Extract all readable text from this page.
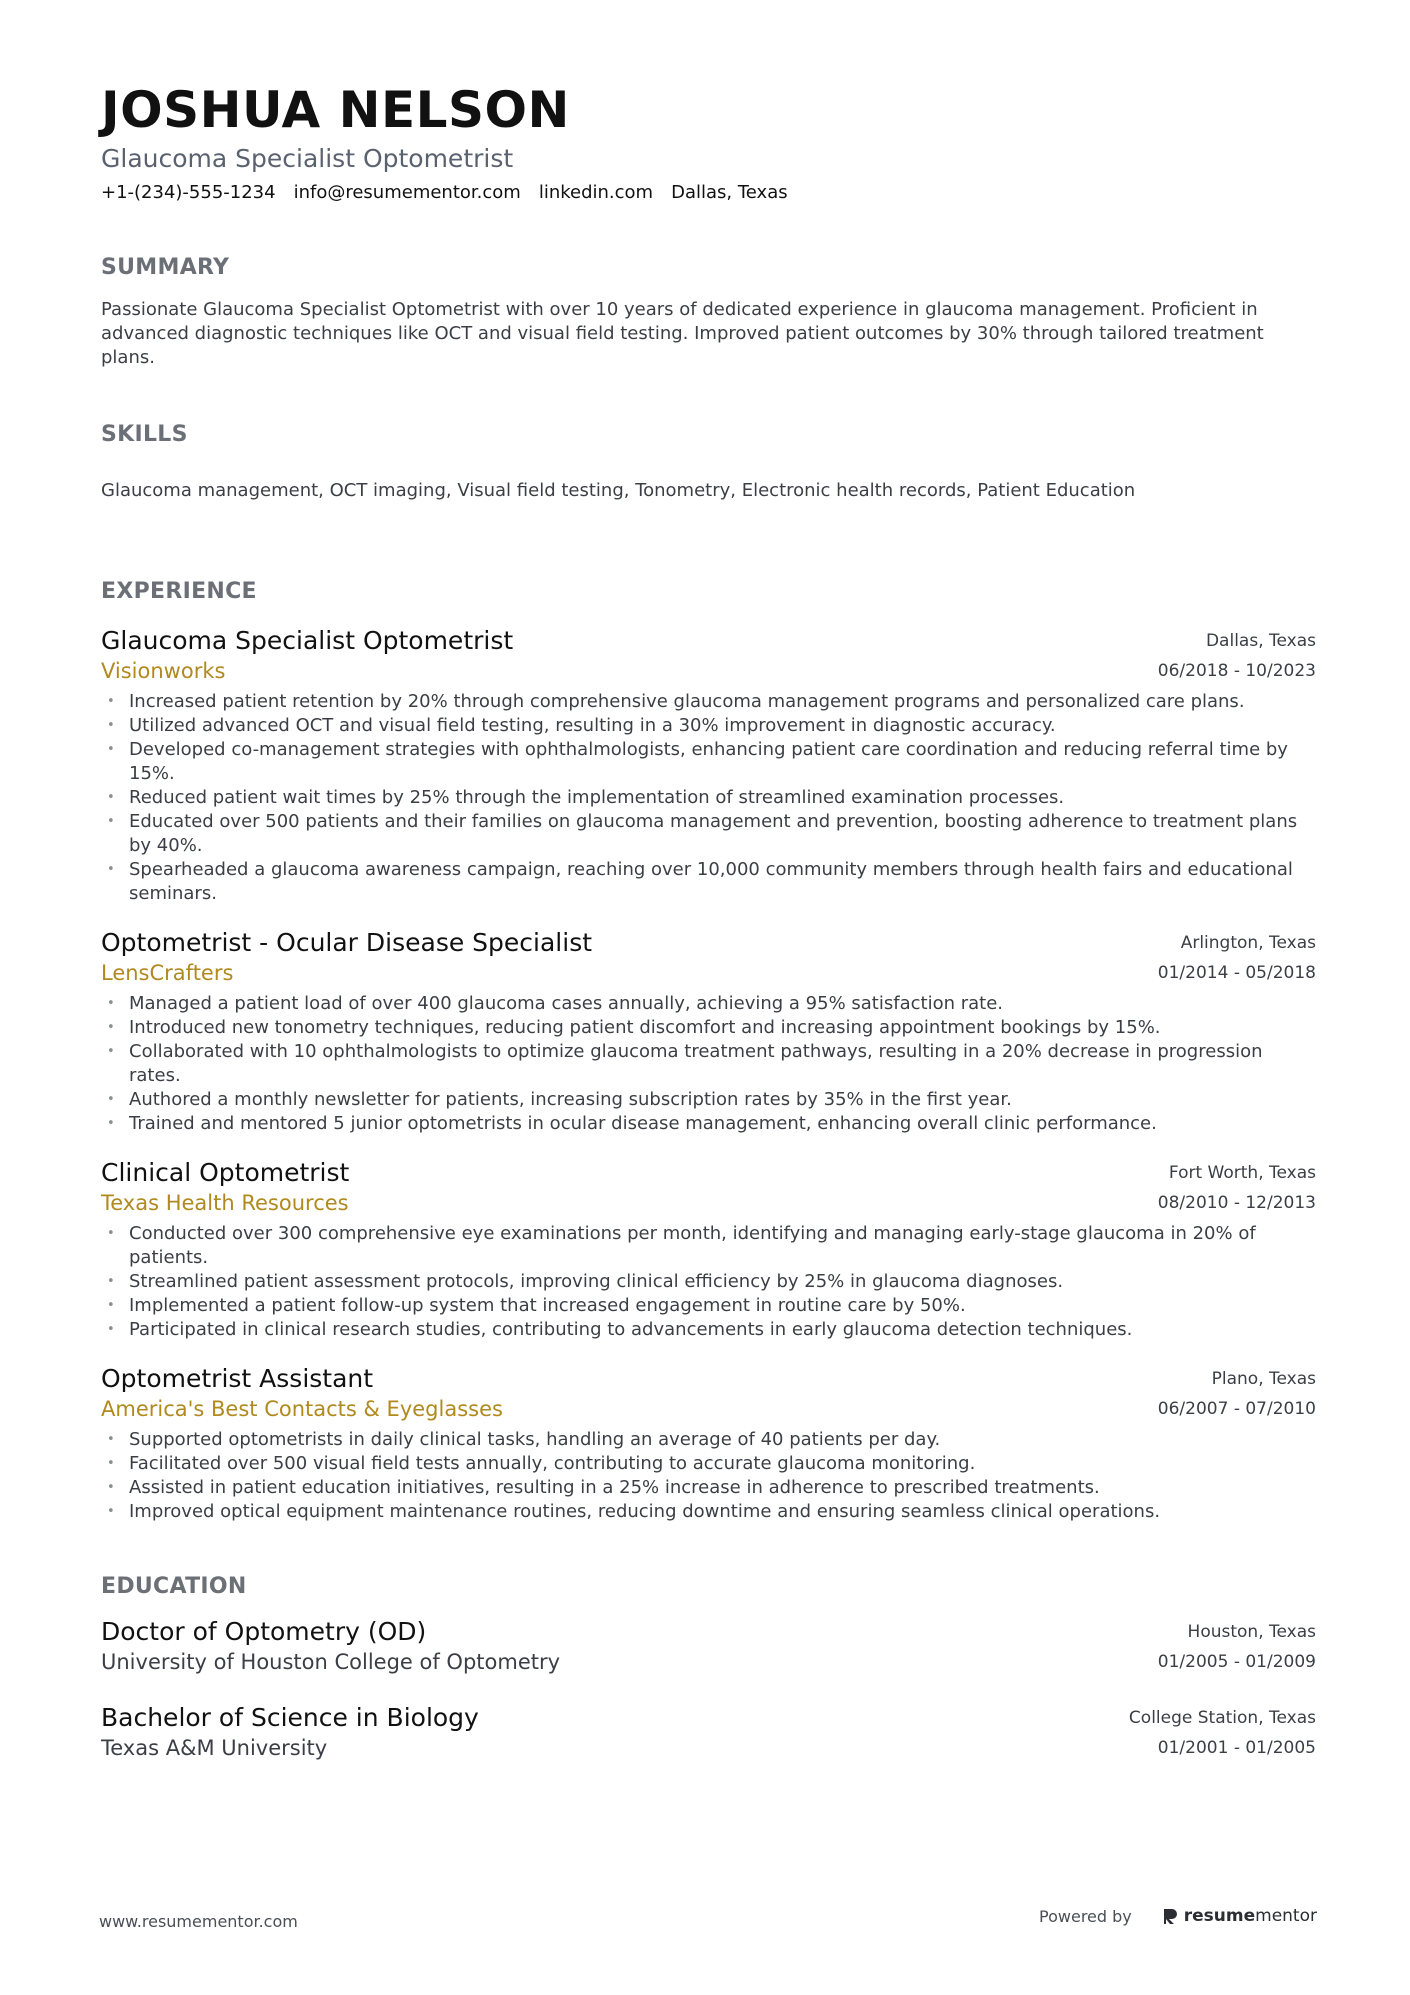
JOSHUA NELSON
Glaucoma Specialist Optometrist
+1-(234)-555-1234 info@resumementor.com linkedin.com Dallas, Texas
SUMMARY
Passionate Glaucoma Specialist Optometrist with over 10 years of dedicated experience in glaucoma management. Proficient in advanced diagnostic techniques like OCT and visual field testing. Improved patient outcomes by 30% through tailored treatment plans.
SKILLS
Glaucoma management, OCT imaging, Visual field testing, Tonometry, Electronic health records, Patient Education
EXPERIENCE
Glaucoma Specialist Optometrist
Visionworks
Dallas, Texas
06/2018 - 10/2023
• Increased patient retention by 20% through comprehensive glaucoma management programs and personalized care plans.
• Utilized advanced OCT and visual field testing, resulting in a 30% improvement in diagnostic accuracy.
• Developed co-management strategies with ophthalmologists, enhancing patient care coordination and reducing referral time by 15%.
• Reduced patient wait times by 25% through the implementation of streamlined examination processes.
• Educated over 500 patients and their families on glaucoma management and prevention, boosting adherence to treatment plans by 40%.
• Spearheaded a glaucoma awareness campaign, reaching over 10,000 community members through health fairs and educational seminars.
Optometrist - Ocular Disease Specialist
LensCrafters
Arlington, Texas
01/2014 - 05/2018
• Managed a patient load of over 400 glaucoma cases annually, achieving a 95% satisfaction rate.
• Introduced new tonometry techniques, reducing patient discomfort and increasing appointment bookings by 15%.
• Collaborated with 10 ophthalmologists to optimize glaucoma treatment pathways, resulting in a 20% decrease in progression rates.
• Authored a monthly newsletter for patients, increasing subscription rates by 35% in the first year.
• Trained and mentored 5 junior optometrists in ocular disease management, enhancing overall clinic performance.
Clinical Optometrist
Texas Health Resources
Fort Worth, Texas
08/2010 - 12/2013
• Conducted over 300 comprehensive eye examinations per month, identifying and managing early-stage glaucoma in 20% of patients.
• Streamlined patient assessment protocols, improving clinical efficiency by 25% in glaucoma diagnoses.
• Implemented a patient follow-up system that increased engagement in routine care by 50%.
• Participated in clinical research studies, contributing to advancements in early glaucoma detection techniques.
Optometrist Assistant
America's Best Contacts & Eyeglasses
Plano, Texas
06/2007 - 07/2010
• Supported optometrists in daily clinical tasks, handling an average of 40 patients per day.
• Facilitated over 500 visual field tests annually, contributing to accurate glaucoma monitoring.
• Assisted in patient education initiatives, resulting in a 25% increase in adherence to prescribed treatments.
• Improved optical equipment maintenance routines, reducing downtime and ensuring seamless clinical operations.
EDUCATION
Doctor of Optometry (OD)
University of Houston College of Optometry
Houston, Texas
01/2005 - 01/2009
Bachelor of Science in Biology
Texas A&M University
College Station, Texas
01/2001 - 01/2005
www.resumementor.com	Powered by	resumementor
